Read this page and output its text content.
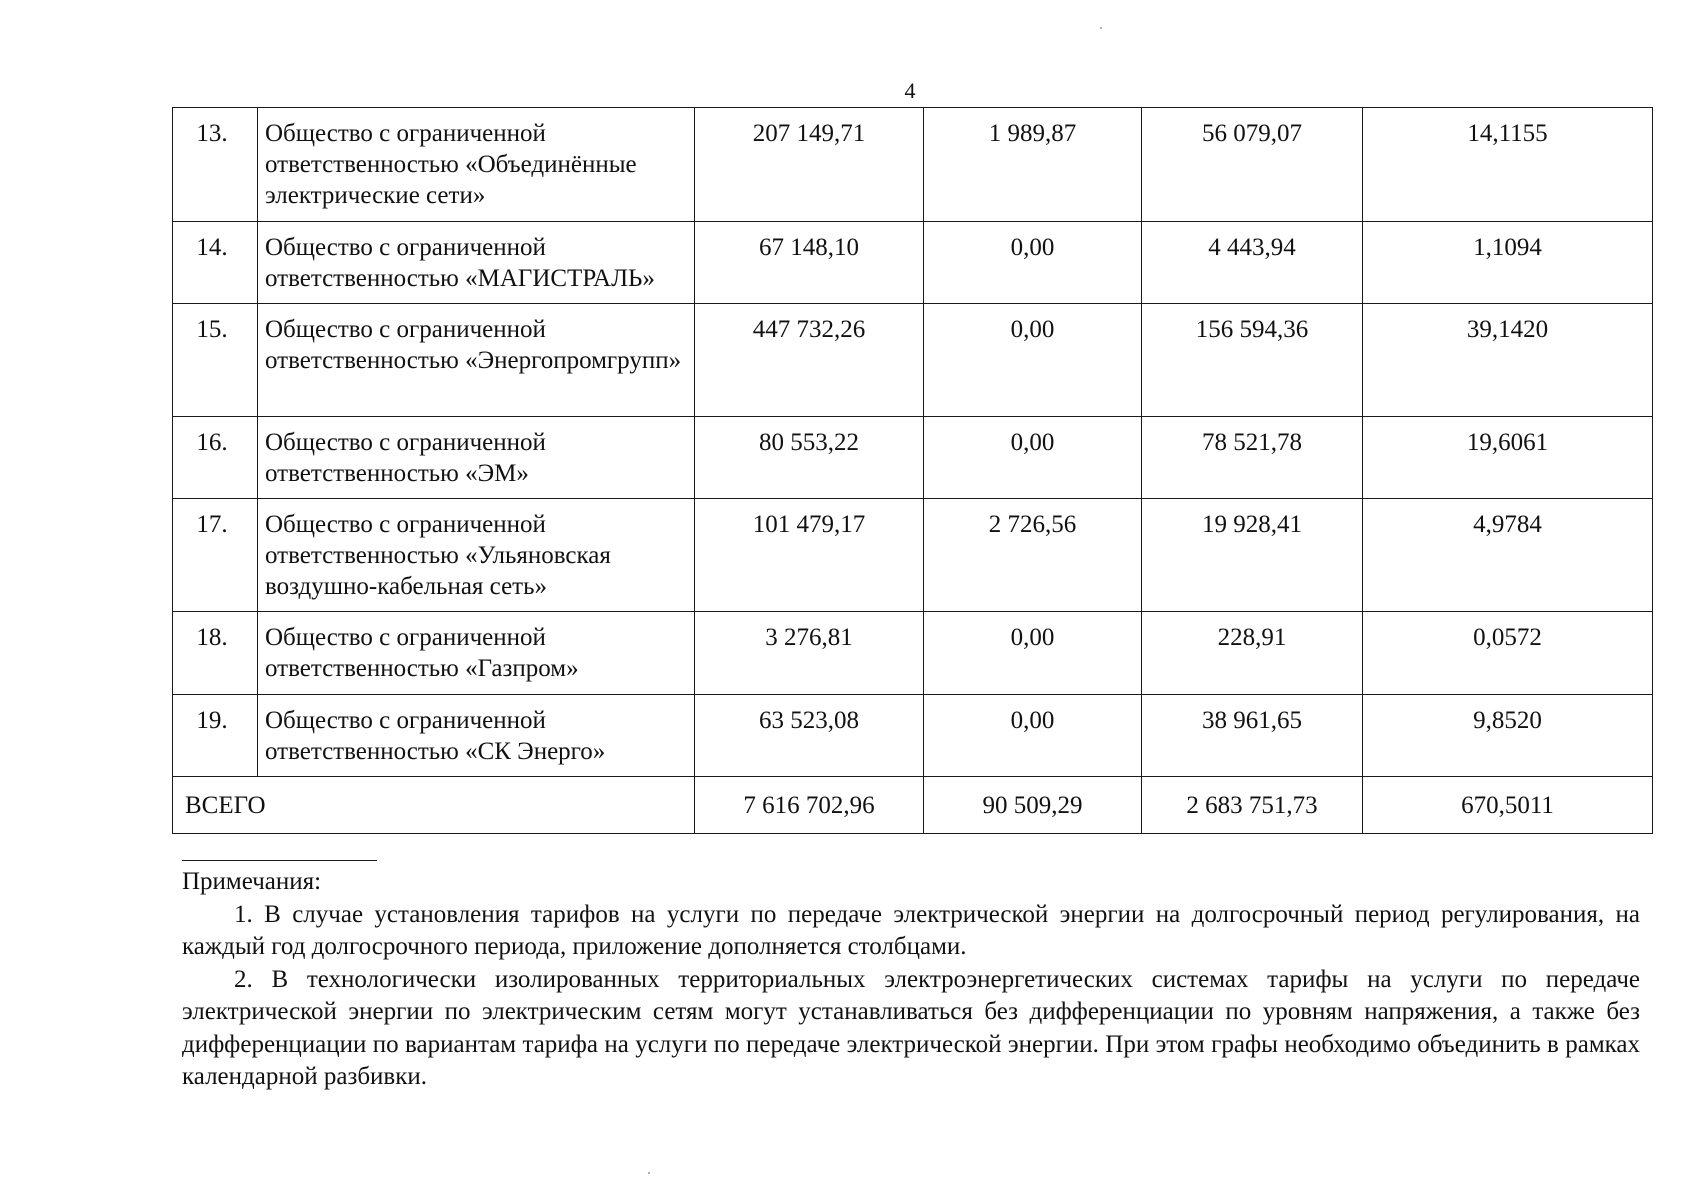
4
13.	Общество с ограниченной ответственностью «Объединённые электрические сети»	207 149,71	1 989,87	56 079,07	14,1155
14.	Общество с ограниченной ответственностью «МАГИСТРАЛЬ»	67 148,10	0,00	4 443,94	1,1094
15.	Общество с ограниченной ответственностью «Энергопромгрупп»	447 732,26	0,00	156 594,36	39,1420
16.	Общество с ограниченной ответственностью «ЭМ»	80 553,22	0,00	78 521,78	19,6061
17.	Общество с ограниченной ответственностью «Ульяновская воздушно-кабельная сеть»	101 479,17	2 726,56	19 928,41	4,9784
18.	Общество с ограниченной ответственностью «Газпром»	3 276,81	0,00	228,91	0,0572
19.	Общество с ограниченной ответственностью «СК Энерго»	63 523,08	0,00	38 961,65	9,8520
ВСЕГО		7 616 702,96	90 509,29	2 683 751,73	670,5011

Примечания:

1. В случае установления тарифов на услуги по передаче электрической энергии на долгосрочный период регулирования, на каждый год долгосрочного периода, приложение дополняется столбцами.

2. В технологически изолированных территориальных электроэнергетических системах тарифы на услуги по передаче электрической энергии по электрическим сетям могут устанавливаться без дифференциации по уровням напряжения, а также без дифференциации по вариантам тарифа на услуги по передаче электрической энергии. При этом графы необходимо объединить в рамках календарной разбивки.
